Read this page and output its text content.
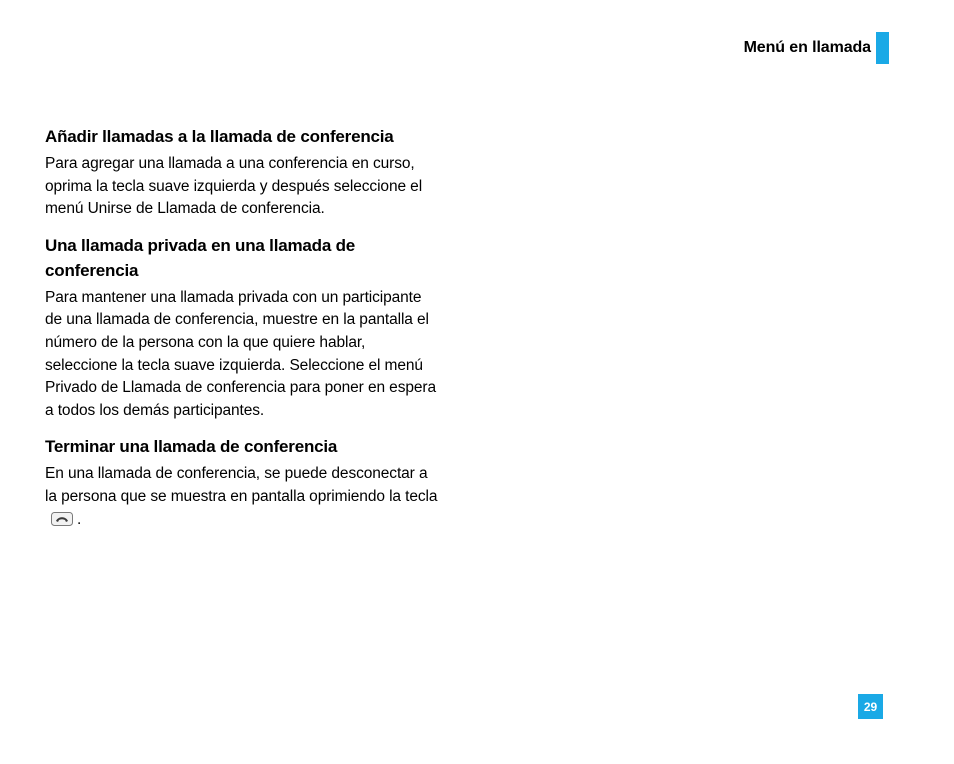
Menú en llamada
Añadir llamadas a la llamada de conferencia

Para agregar una llamada a una conferencia en curso, oprima la tecla suave izquierda y después seleccione el menú Unirse de Llamada de conferencia.

Una llamada privada en una llamada de conferencia

Para mantener una llamada privada con un participante de una llamada de conferencia, muestre en la pantalla el número de la persona con la que quiere hablar, seleccione la tecla suave izquierda. Seleccione el menú Privado de Llamada de conferencia para poner en espera a todos los demás participantes.

Terminar una llamada de conferencia

En una llamada de conferencia, se puede desconectar a la persona que se muestra en pantalla oprimiendo la tecla.

29
